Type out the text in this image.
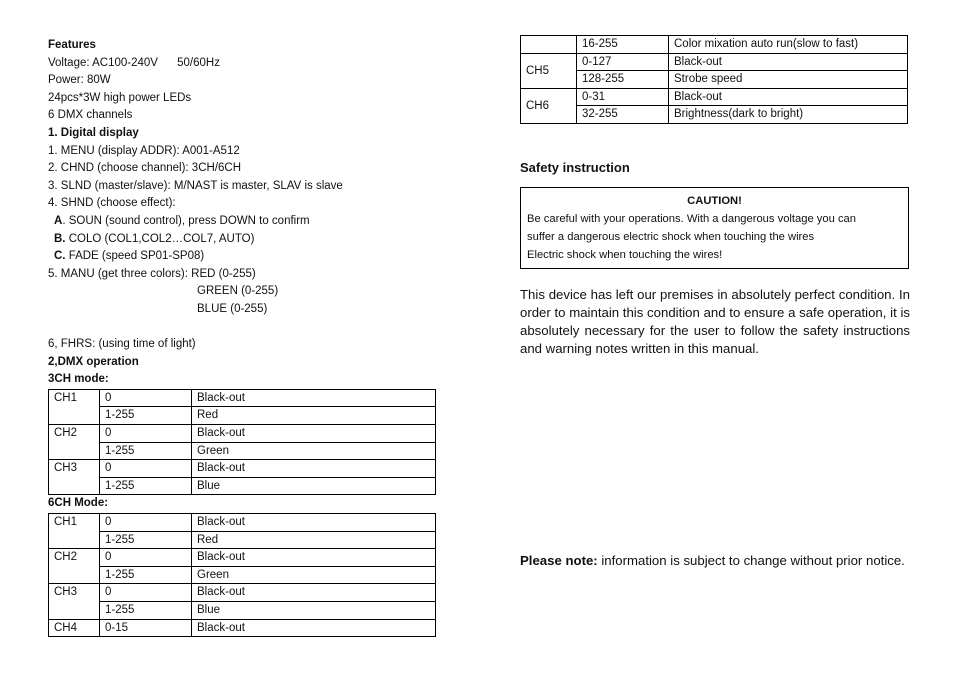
Features
Voltage: AC100-240V      50/60Hz
Power: 80W
24pcs*3W high power LEDs
6 DMX channels
1. Digital display
1. MENU (display ADDR): A001-A512
2. CHND (choose channel): 3CH/6CH
3. SLND (master/slave): M/NAST is master, SLAV is slave
4. SHND (choose effect):
A. SOUN (sound control), press DOWN to confirm
B. COLO (COL1,COL2…COL7, AUTO)
C. FADE (speed SP01-SP08)
5. MANU (get three colors): RED (0-255)
GREEN (0-255)
BLUE (0-255)
6, FHRS: (using time of light)
2,DMX operation
3CH mode:
CH1	0	Black-out
	1-255	Red
CH2	0	Black-out
	1-255	Green
CH3	0	Black-out
	1-255	Blue
6CH Mode:
CH1	0	Black-out
	1-255	Red
CH2	0	Black-out
	1-255	Green
CH3	0	Black-out
	1-255	Blue
CH4	0-15	Black-out
	16-255	Color mixation auto run(slow to fast)
CH5	0-127	Black-out
	128-255	Strobe speed
CH6	0-31	Black-out
	32-255	Brightness(dark to bright)
Safety instruction
CAUTION!
Be careful with your operations. With a dangerous voltage you can
suffer a dangerous electric shock when touching the wires
Electric shock when touching the wires!
This device has left our premises in absolutely perfect condition. In order to maintain this condition and to ensure a safe operation, it is absolutely necessary for the user to follow the safety instructions and warning notes written in this manual.
Please note: information is subject to change without prior notice.
